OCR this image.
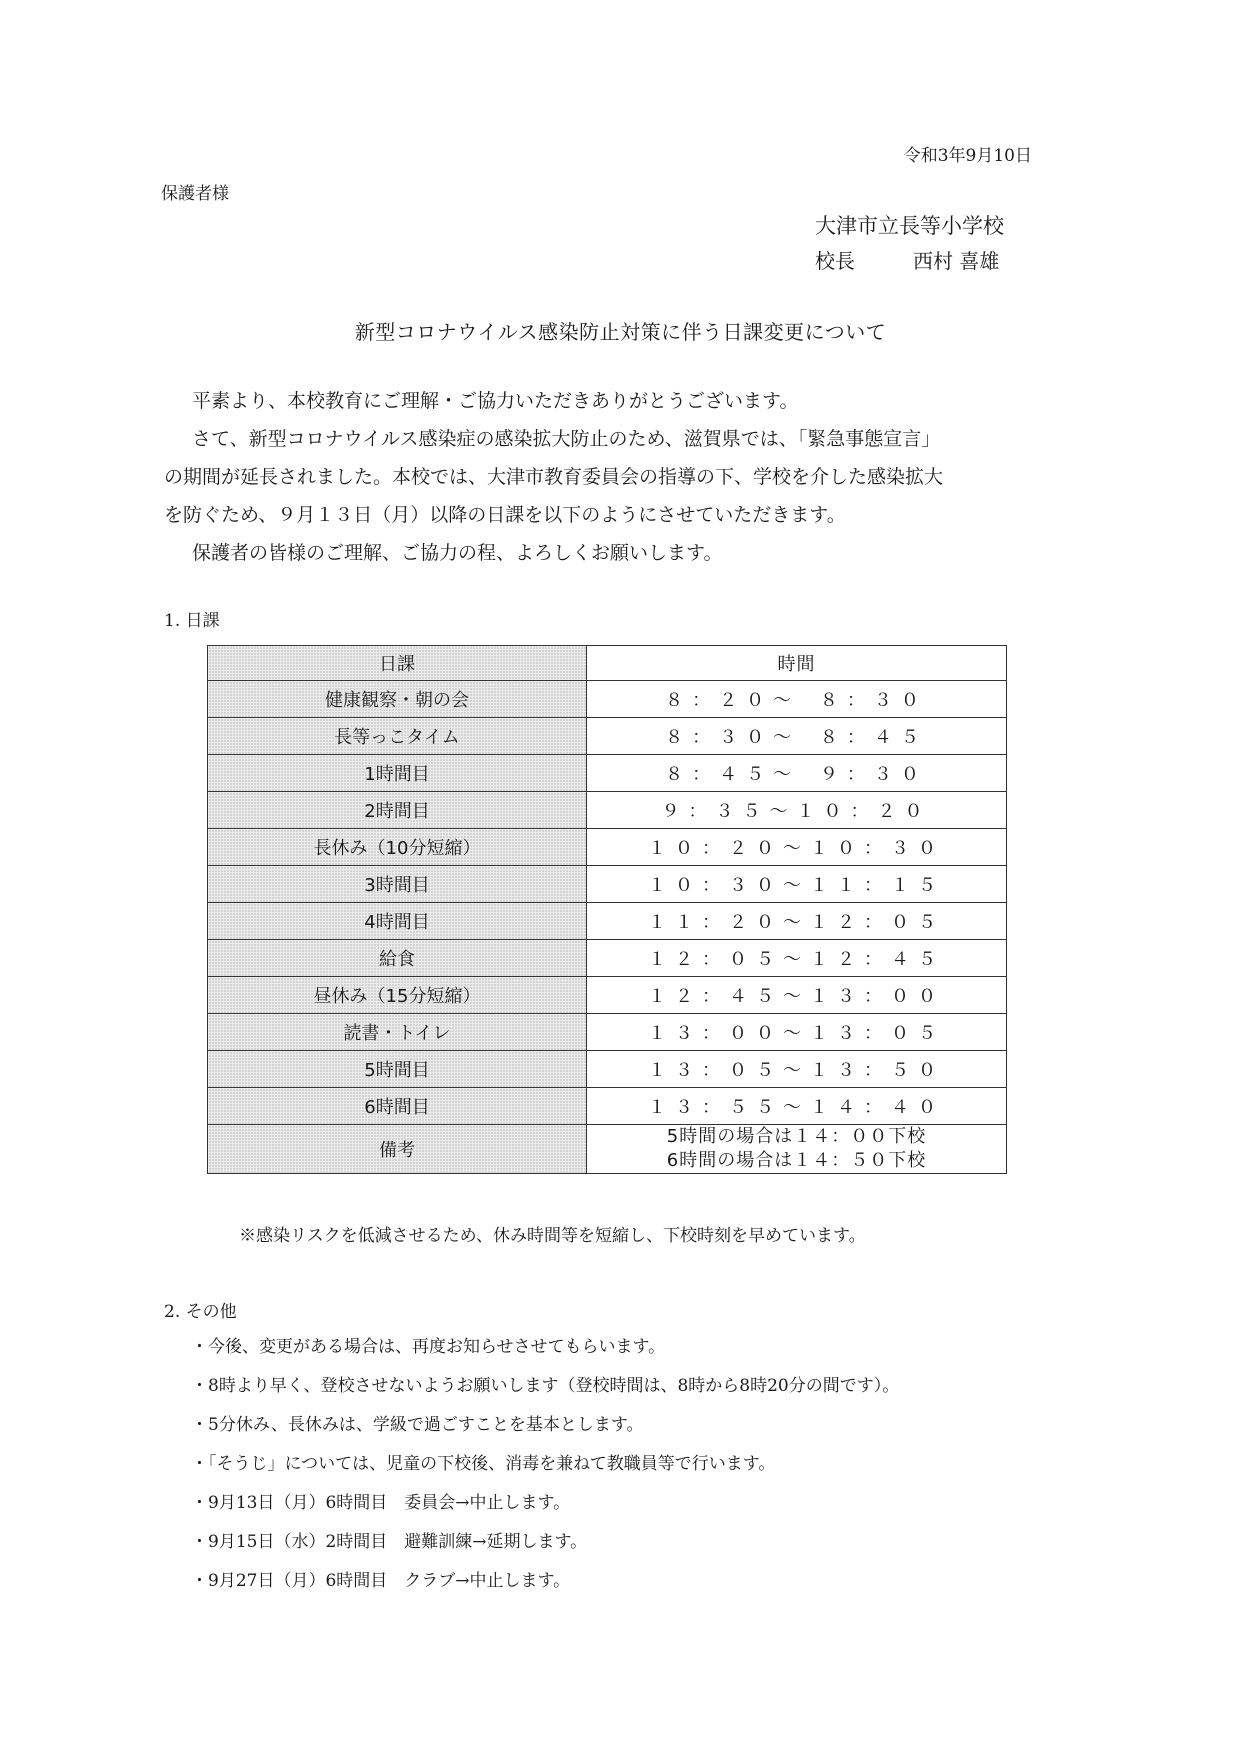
令和3年9月10日
保護者様
大津市立長等小学校
校長	西村 喜雄
新型コロナウイルス感染防止対策に伴う日課変更について
平素より、本校教育にご理解・ご協力いただきありがとうございます。
さて、新型コロナウイルス感染症の感染拡大防止のため、滋賀県では、「緊急事態宣言」
の期間が延長されました。本校では、大津市教育委員会の指導の下、学校を介した感染拡大
を防ぐため、９月１３日（月）以降の日課を以下のようにさせていただきます。
保護者の皆様のご理解、ご協力の程、よろしくお願いします。
1. 日課
日課	時間
健康観察・朝の会	８：２０～ ８：３０
長等っこタイム	８：３０～ ８：４５
1時間目	８：４５～ ９：３０
2時間目	９：３５～１０：２０
長休み（10分短縮）	１０：２０～１０：３０
3時間目	１０：３０～１１：１５
4時間目	１１：２０～１２：０５
給食	１２：０５～１２：４５
昼休み（15分短縮）	１２：４５～１３：００
読書・トイレ	１３：００～１３：０５
5時間目	１３：０５～１３：５０
6時間目	１３：５５～１４：４０
備考	5時間の場合は１４：００下校
6時間の場合は１４：５０下校
※感染リスクを低減させるため、休み時間等を短縮し、下校時刻を早めています。
2. その他
・今後、変更がある場合は、再度お知らせさせてもらいます。
・8時より早く、登校させないようお願いします（登校時間は、8時から8時20分の間です）。
・5分休み、長休みは、学級で過ごすことを基本とします。
・「そうじ」については、児童の下校後、消毒を兼ねて教職員等で行います。
・9月13日（月）6時間目　委員会→中止します。
・9月15日（水）2時間目　避難訓練→延期します。
・9月27日（月）6時間目　クラブ→中止します。
